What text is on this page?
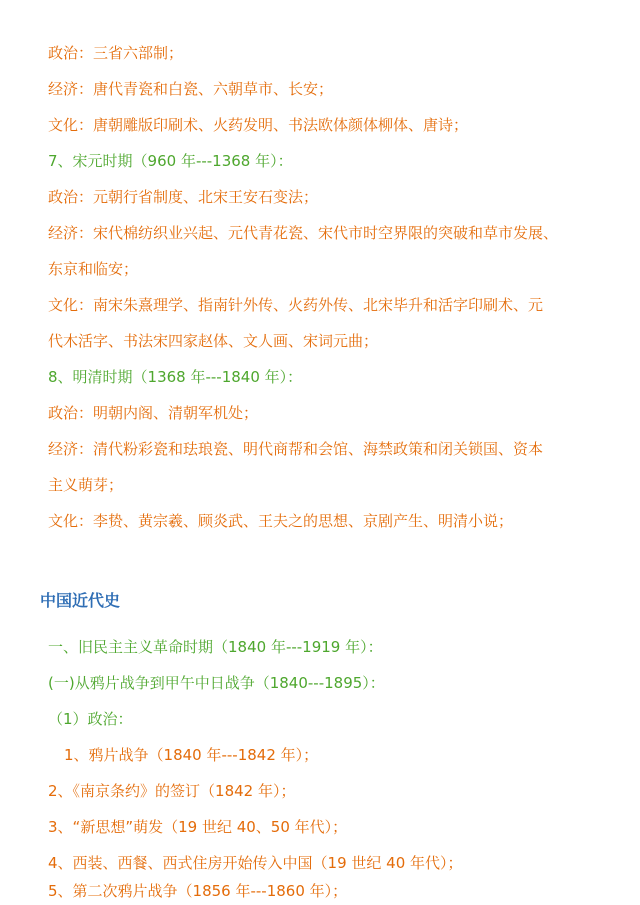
政治：三省六部制；
经济：唐代青瓷和白瓷、六朝草市、长安；
文化：唐朝雕版印刷术、火药发明、书法欧体颜体柳体、唐诗；
7、宋元时期（960 年---1368 年）：
政治：元朝行省制度、北宋王安石变法；
经济：宋代棉纺织业兴起、元代青花瓷、宋代市时空界限的突破和草市发展、
东京和临安；
文化：南宋朱熹理学、指南针外传、火药外传、北宋毕升和活字印刷术、元
代木活字、书法宋四家赵体、文人画、宋词元曲；
8、明清时期（1368 年---1840 年）：
政治：明朝内阁、清朝军机处；
经济：清代粉彩瓷和珐琅瓷、明代商帮和会馆、海禁政策和闭关锁国、资本
主义萌芽；
文化：李贽、黄宗羲、顾炎武、王夫之的思想、京剧产生、明清小说；
中国近代史
一、旧民主主义革命时期（1840 年---1919 年）：
(一)从鸦片战争到甲午中日战争（1840---1895）：
（1）政治：
1、鸦片战争（1840 年---1842 年）；
2、《南京条约》的签订（1842 年）；
3、“新思想”萌发（19 世纪 40、50 年代）；
4、西装、西餐、西式住房开始传入中国（19 世纪 40 年代）；
5、第二次鸦片战争（1856 年---1860 年）；
